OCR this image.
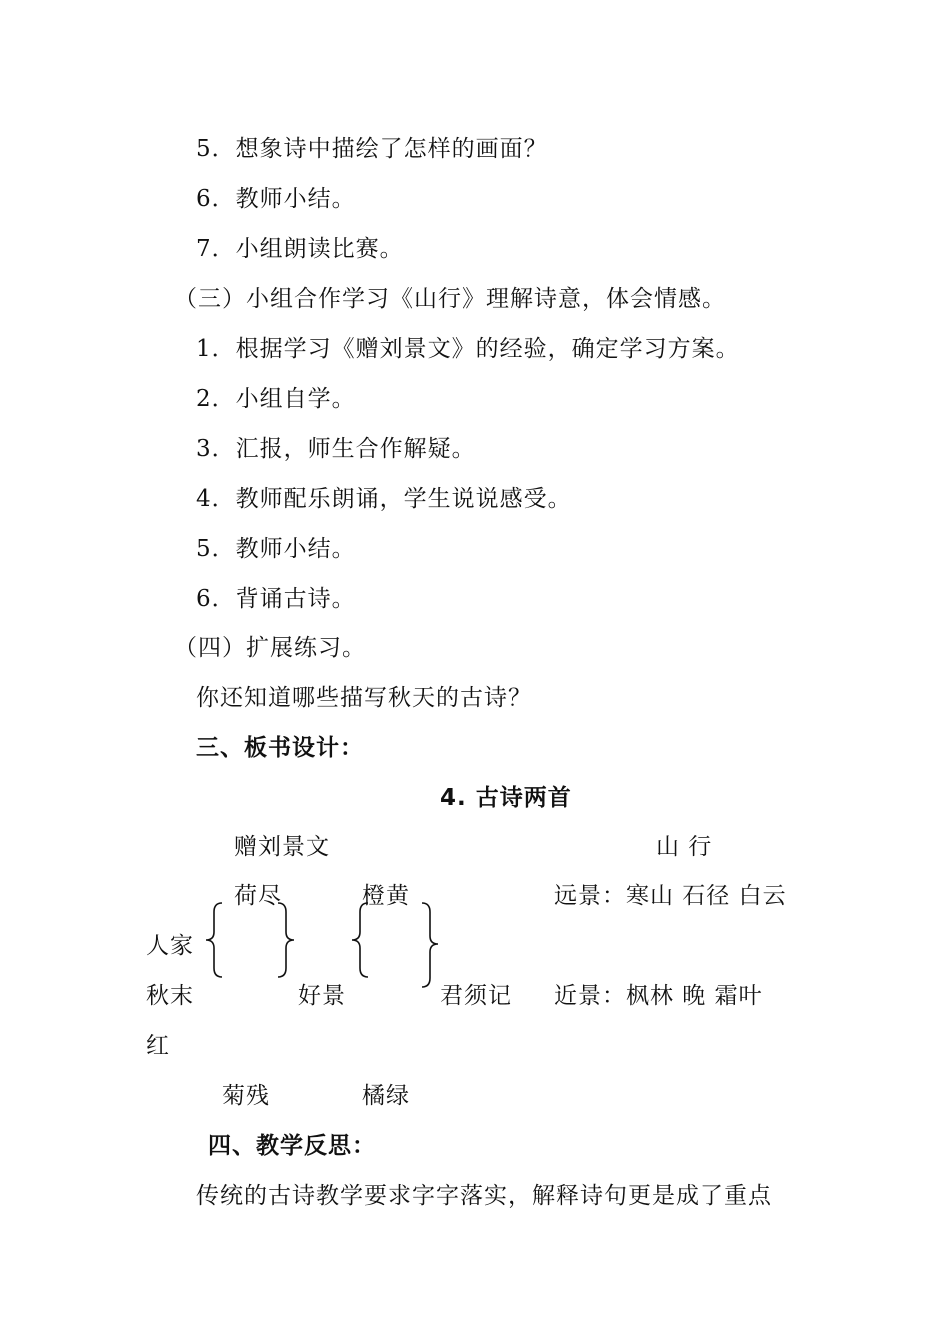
5．想象诗中描绘了怎样的画面？
6．教师小结。
7．小组朗读比赛。
（三）小组合作学习《山行》理解诗意，体会情感。
1．根据学习《赠刘景文》的经验，确定学习方案。
2．小组自学。
3．汇报，师生合作解疑。
4．教师配乐朗诵，学生说说感受。
5．教师小结。
6．背诵古诗。
（四）扩展练习。
你还知道哪些描写秋天的古诗？
三、板书设计：
4. 古诗两首
赠刘景文	山 行
荷尽	橙黄	远景：寒山 石径 白云
人家
秋末	好景	君须记 近景：枫林 晚 霜叶
红
菊残	橘绿
四、教学反思：
传统的古诗教学要求字字落实，解释诗句更是成了重点
